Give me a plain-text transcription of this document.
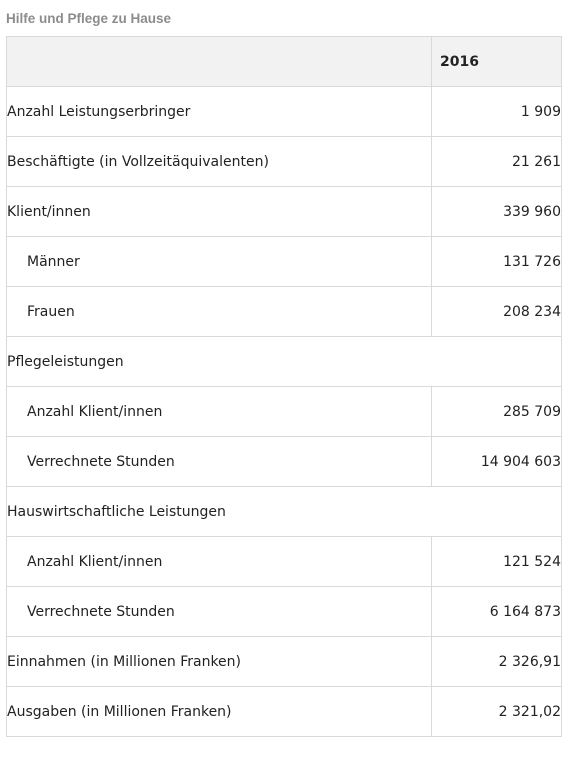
Hilfe und Pflege zu Hause
	2016
Anzahl Leistungserbringer	1 909
Beschäftigte (in Vollzeitäquivalenten)	21 261
Klient/innen	339 960
Männer	131 726
Frauen	208 234
Pflegeleistungen	
Anzahl Klient/innen	285 709
Verrechnete Stunden	14 904 603
Hauswirtschaftliche Leistungen	
Anzahl Klient/innen	121 524
Verrechnete Stunden	6 164 873
Einnahmen (in Millionen Franken)	2 326,91
Ausgaben (in Millionen Franken)	2 321,02
